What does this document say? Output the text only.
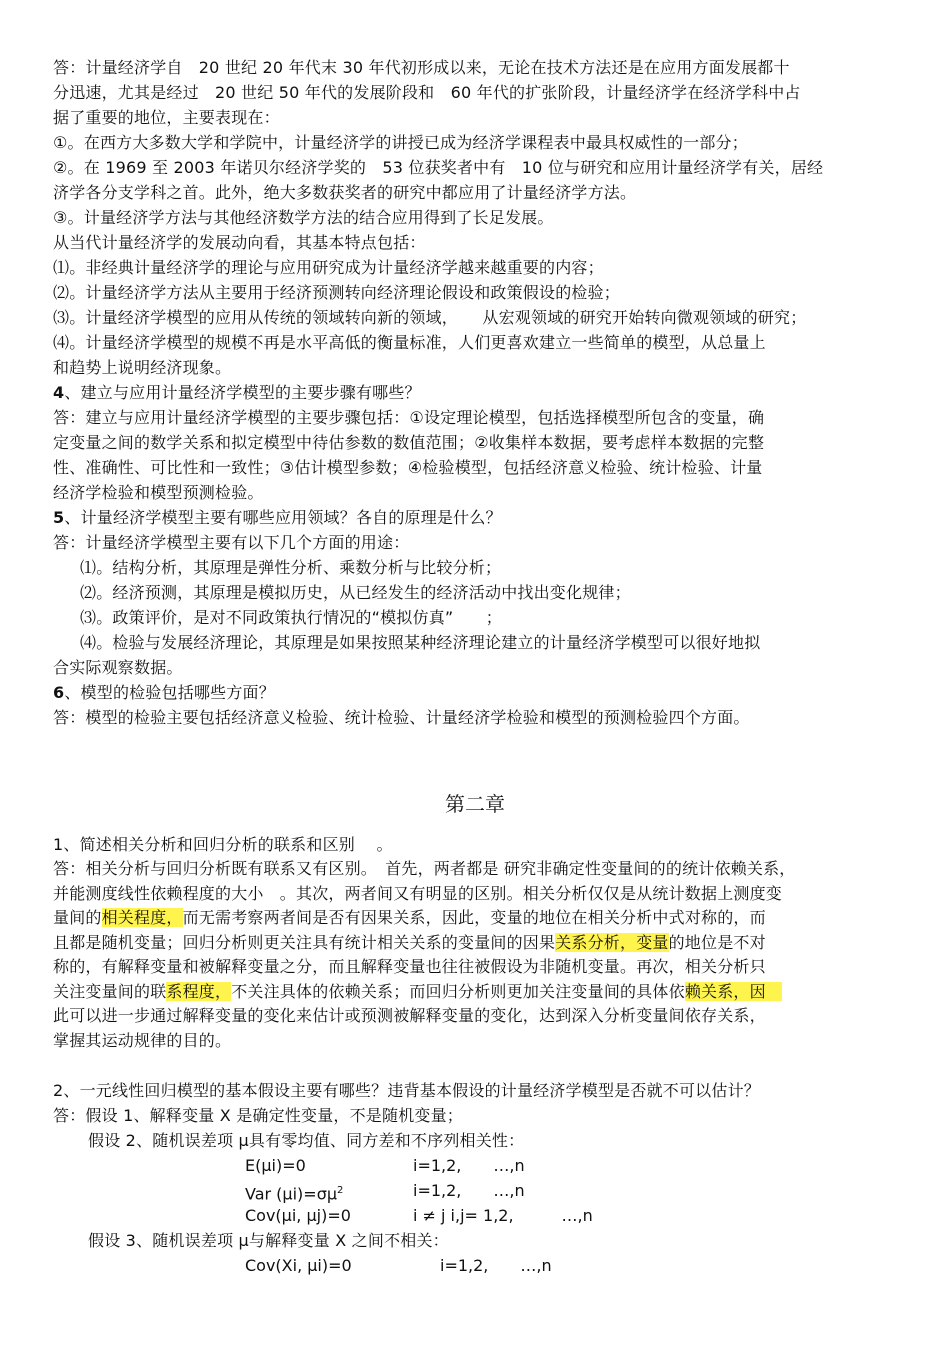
答：计量经济学自　20 世纪 20 年代末 30 年代初形成以来，无论在技术方法还是在应用方面发展都十
分迅速，尤其是经过　20 世纪 50 年代的发展阶段和　60 年代的扩张阶段，计量经济学在经济学科中占
据了重要的地位，主要表现在：
①。在西方大多数大学和学院中，计量经济学的讲授已成为经济学课程表中最具权威性的一部分；
②。在 1969 至 2003 年诺贝尔经济学奖的　53 位获奖者中有　10 位与研究和应用计量经济学有关，居经
济学各分支学科之首。此外，绝大多数获奖者的研究中都应用了计量经济学方法。
③。计量经济学方法与其他经济数学方法的结合应用得到了长足发展。
从当代计量经济学的发展动向看，其基本特点包括：
⑴。非经典计量经济学的理论与应用研究成为计量经济学越来越重要的内容；
⑵。计量经济学方法从主要用于经济预测转向经济理论假设和政策假设的检验；
⑶。计量经济学模型的应用从传统的领域转向新的领域，　　从宏观领域的研究开始转向微观领域的研究；
⑷。计量经济学模型的规模不再是水平高低的衡量标准，人们更喜欢建立一些简单的模型，从总量上
和趋势上说明经济现象。
4、建立与应用计量经济学模型的主要步骤有哪些？
答：建立与应用计量经济学模型的主要步骤包括：①设定理论模型，包括选择模型所包含的变量，确
定变量之间的数学关系和拟定模型中待估参数的数值范围；②收集样本数据，要考虑样本数据的完整
性、准确性、可比性和一致性；③估计模型参数；④检验模型，包括经济意义检验、统计检验、计量
经济学检验和模型预测检验。
5、计量经济学模型主要有哪些应用领域？各自的原理是什么？
答：计量经济学模型主要有以下几个方面的用途：
⑴。结构分析，其原理是弹性分析、乘数分析与比较分析；
⑵。经济预测，其原理是模拟历史，从已经发生的经济活动中找出变化规律；
⑶。政策评价，是对不同政策执行情况的“模拟仿真”　　；
⑷。检验与发展经济理论，其原理是如果按照某种经济理论建立的计量经济学模型可以很好地拟
合实际观察数据。
6、模型的检验包括哪些方面？
答：模型的检验主要包括经济意义检验、统计检验、计量经济学检验和模型的预测检验四个方面。
第二章
1、简述相关分析和回归分析的联系和区别　 。
答：相关分析与回归分析既有联系又有区别。　首先，两者都是 研究非确定性变量间的的统计依赖关系，
并能测度线性依赖程度的大小　。其次，两者间又有明显的区别。相关分析仅仅是从统计数据上测度变
量间的相关程度，而无需考察两者间是否有因果关系，因此，变量的地位在相关分析中式对称的，而
且都是随机变量；回归分析则更关注具有统计相关关系的变量间的因果关系分析，变量的地位是不对
称的，有解释变量和被解释变量之分，而且解释变量也往往被假设为非随机变量。再次，相关分析只
关注变量间的联系程度，不关注具体的依赖关系；而回归分析则更加关注变量间的具体依赖关系，因　
此可以进一步通过解释变量的变化来估计或预测被解释变量的变化，达到深入分析变量间依存关系，
掌握其运动规律的目的。
2、一元线性回归模型的基本假设主要有哪些？违背基本假设的计量经济学模型是否就不可以估计？
答：假设 1、解释变量 X 是确定性变量，不是随机变量；
假设 2、随机误差项 μ具有零均值、同方差和不序列相关性：
E(μi)=0	i=1,2,　　…,n
Var $(\mu i)=\sigma\mu^2$	i=1,2,　　…,n
Cov(μi, μj)=0	i ≠ j i,j= 1,2,　　　…,n
假设 3、随机误差项 μ与解释变量 X 之间不相关：
Cov(Xi, μi)=0	i=1,2,　　…,n
